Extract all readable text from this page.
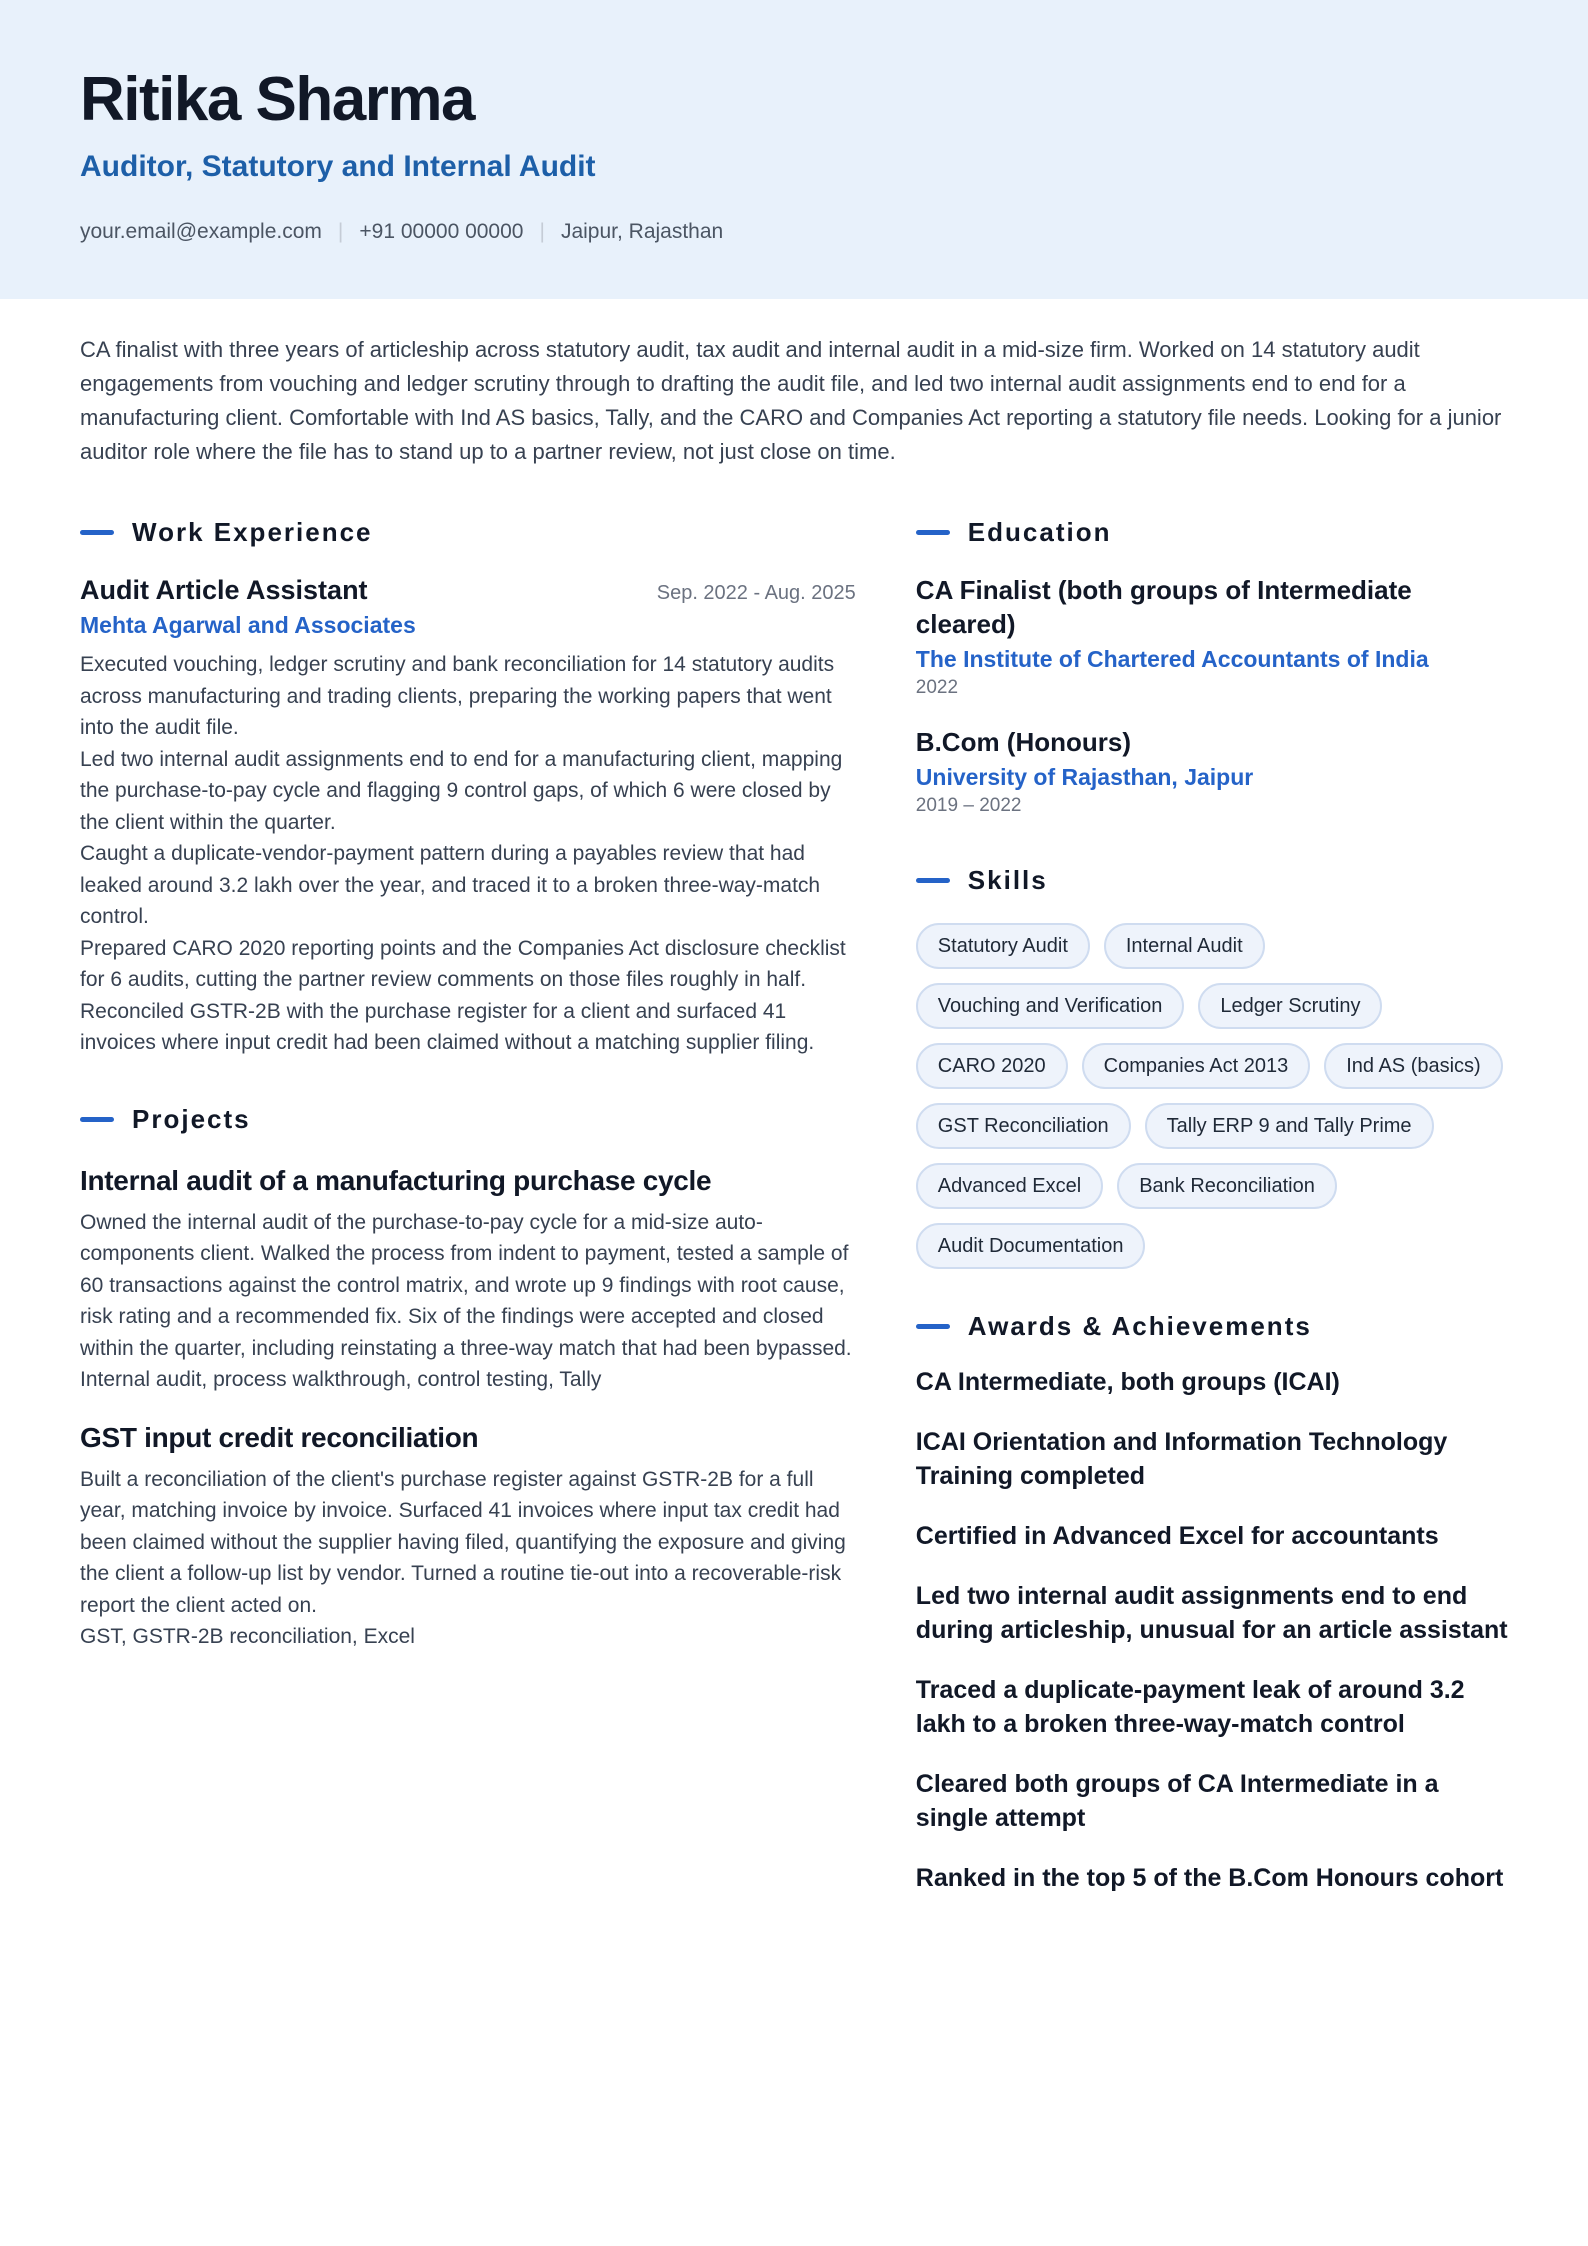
Ritika Sharma
Auditor, Statutory and Internal Audit
your.email@example.com | +91 00000 00000 | Jaipur, Rajasthan

CA finalist with three years of articleship across statutory audit, tax audit and internal audit in a mid-size firm. Worked on 14 statutory audit engagements from vouching and ledger scrutiny through to drafting the audit file, and led two internal audit assignments end to end for a manufacturing client. Comfortable with Ind AS basics, Tally, and the CARO and Companies Act reporting a statutory file needs. Looking for a junior auditor role where the file has to stand up to a partner review, not just close on time.

Work Experience
Audit Article Assistant	Sep. 2022 - Aug. 2025
Mehta Agarwal and Associates

Executed vouching, ledger scrutiny and bank reconciliation for 14 statutory audits across manufacturing and trading clients, preparing the working papers that went into the audit file.

Led two internal audit assignments end to end for a manufacturing client, mapping the purchase-to-pay cycle and flagging 9 control gaps, of which 6 were closed by the client within the quarter.

Caught a duplicate-vendor-payment pattern during a payables review that had leaked around 3.2 lakh over the year, and traced it to a broken three-way-match control.

Prepared CARO 2020 reporting points and the Companies Act disclosure checklist for 6 audits, cutting the partner review comments on those files roughly in half.

Reconciled GSTR-2B with the purchase register for a client and surfaced 41 invoices where input credit had been claimed without a matching supplier filing.

Projects
Internal audit of a manufacturing purchase cycle

Owned the internal audit of the purchase-to-pay cycle for a mid-size auto-components client. Walked the process from indent to payment, tested a sample of 60 transactions against the control matrix, and wrote up 9 findings with root cause, risk rating and a recommended fix. Six of the findings were accepted and closed within the quarter, including reinstating a three-way match that had been bypassed.

Internal audit, process walkthrough, control testing, Tally

GST input credit reconciliation

Built a reconciliation of the client's purchase register against GSTR-2B for a full year, matching invoice by invoice. Surfaced 41 invoices where input tax credit had been claimed without the supplier having filed, quantifying the exposure and giving the client a follow-up list by vendor. Turned a routine tie-out into a recoverable-risk report the client acted on.

GST, GSTR-2B reconciliation, Excel

Education
CA Finalist (both groups of Intermediate cleared)
The Institute of Chartered Accountants of India
2022
B.Com (Honours)
University of Rajasthan, Jaipur
2019 – 2022
Skills
Statutory Audit	Internal Audit
Vouching and Verification	Ledger Scrutiny
CARO 2020	Companies Act 2013	Ind AS (basics)
GST Reconciliation	Tally ERP 9 and Tally Prime
Advanced Excel	Bank Reconciliation
Audit Documentation
Awards & Achievements

CA Intermediate, both groups (ICAI)

ICAI Orientation and Information Technology Training completed

Certified in Advanced Excel for accountants

Led two internal audit assignments end to end during articleship, unusual for an article assistant

Traced a duplicate-payment leak of around 3.2 lakh to a broken three-way-match control

Cleared both groups of CA Intermediate in a single attempt

Ranked in the top 5 of the B.Com Honours cohort
